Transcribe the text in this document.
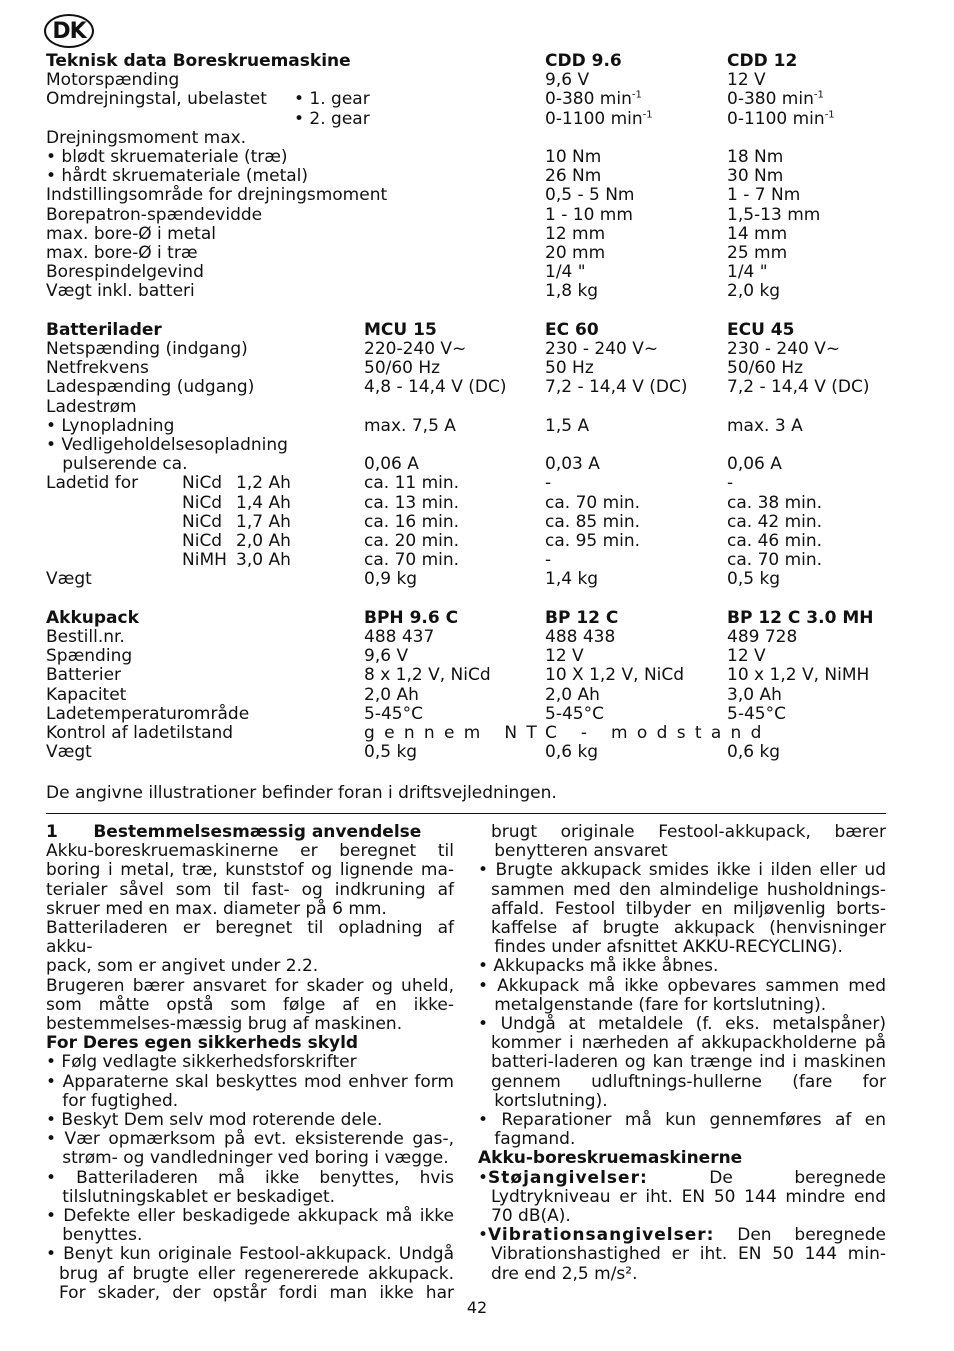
DK
Teknisk data Boreskruemaskine	CDD 9.6	CDD 12
Motorspænding	9,6 V	12 V
Omdrejningstal, ubelastet • 1. gear	0-380 $\min^{-1}$	0-380 $\min^{-1}$
• 2. gear	0-1100 $\min^{-1}$	0-1100 $\min^{-1}$
Drejningsmoment max.
• blødt skruemateriale (træ)	10 Nm	18 Nm
• hårdt skruemateriale (metal)	26 Nm	30 Nm
Indstillingsområde for drejningsmoment	0,5 - 5 Nm	1 - 7 Nm
Borepatron-spændevidde	1 - 10 mm	1,5-13 mm
max. bore-Ø i metal	12 mm	14 mm
max. bore-Ø i træ	20 mm	25 mm
Borespindelgevind	1/4 "	1/4 "
Vægt inkl. batteri	1,8 kg	2,0 kg
Batterilader	MCU 15	EC 60	ECU 45
Netspænding (indgang)	220-240 V~	230 - 240 V~	230 - 240 V~
Netfrekvens	50/60 Hz	50 Hz	50/60 Hz
Ladespænding (udgang)	4,8 - 14,4 V (DC) 7,2 - 14,4 V (DC) 7,2 - 14,4 V (DC)
Ladestrøm
• Lynopladning	max. 7,5 A	1,5 A	max. 3 A
• Vedligeholdelsesopladning
pulserende ca.	0,06 A	0,03 A	0,06 A
Ladetid for	NiCd 1,2 Ah	ca. 11 min.	-	-
NiCd 1,4 Ah	ca. 13 min.	ca. 70 min.	ca. 38 min.
NiCd 1,7 Ah	ca. 16 min.	ca. 85 min.	ca. 42 min.
NiCd 2,0 Ah	ca. 20 min.	ca. 95 min.	ca. 46 min.
NiMH 3,0 Ah	ca. 70 min.	-	ca. 70 min.
Vægt	0,9 kg	1,4 kg	0,5 kg
Akkupack	BPH 9.6 C	BP 12 C	BP 12 C 3.0 MH
Bestill.nr.	488 437	488 438	489 728
Spænding	9,6 V	12 V	12 V
Batterier	8 x 1,2 V, NiCd	10 X 1,2 V, NiCd	10 x 1,2 V, NiMH
Kapacitet	2,0 Ah	2,0 Ah	3,0 Ah
Ladetemperaturområde	5-45°C	5-45°C	5-45°C
Kontrol af ladetilstand	gennem NTC - modstand
Vægt	0,5 kg	0,6 kg	0,6 kg
De angivne illustrationer befinder foran i driftsvejledningen.

1      Bestemmelsesmæssig anvendelse

Akku-boreskruemaskinerne er beregnet til

boring i metal, træ, kunststof og lignende ma-

terialer såvel som til fast- og indkruning af

skruer med en max. diameter på 6 mm.

Batteriladeren er beregnet til opladning af akku-

pack, som er angivet under 2.2.

Brugeren bærer ansvaret for skader og uheld,

som måtte opstå som følge af en ikke-

bestemmelses-mæssig brug af maskinen.

For Deres egen sikkerheds skyld

• Følg vedlagte sikkerhedsforskrifter

• Apparaterne skal beskyttes mod enhver form

for fugtighed.

• Beskyt Dem selv mod roterende dele.

• Vær opmærksom på evt. eksisterende gas-,

strøm- og vandledninger ved boring i vægge.

• Batteriladeren må ikke benyttes, hvis

tilslutningskablet er beskadiget.

• Defekte eller beskadigede akkupack må ikke

benyttes.

• Benyt kun originale Festool-akkupack. Undgå

brug af brugte eller regenererede akkupack.

For skader, der opstår fordi man ikke har

brugt originale Festool-akkupack, bærer

benytteren ansvaret

• Brugte akkupack smides ikke i ilden eller ud

sammen med den almindelige husholdnings-

affald. Festool tilbyder en miljøvenlig borts-

kaffelse af brugte akkupack (henvisninger

findes under afsnittet AKKU-RECYCLING).

• Akkupacks må ikke åbnes.

• Akkupack må ikke opbevares sammen med

metalgenstande (fare for kortslutning).

• Undgå at metaldele (f. eks. metalspåner)

kommer i nærheden af akkupackholderne på

batteri-laderen og kan trænge ind i maskinen

gennem udluftnings-hullerne (fare for

kortslutning).

• Reparationer må kun gennemføres af en

fagmand.

Akku-boreskruemaskinerne

•Støjangivelser: De beregnede

Lydtrykniveau er iht. EN 50 144 mindre end

70 dB(A).

•Vibrationsangivelser: Den beregnede

Vibrationshastighed er iht. EN 50 144 min-

dre end 2,5 m/s².

42
